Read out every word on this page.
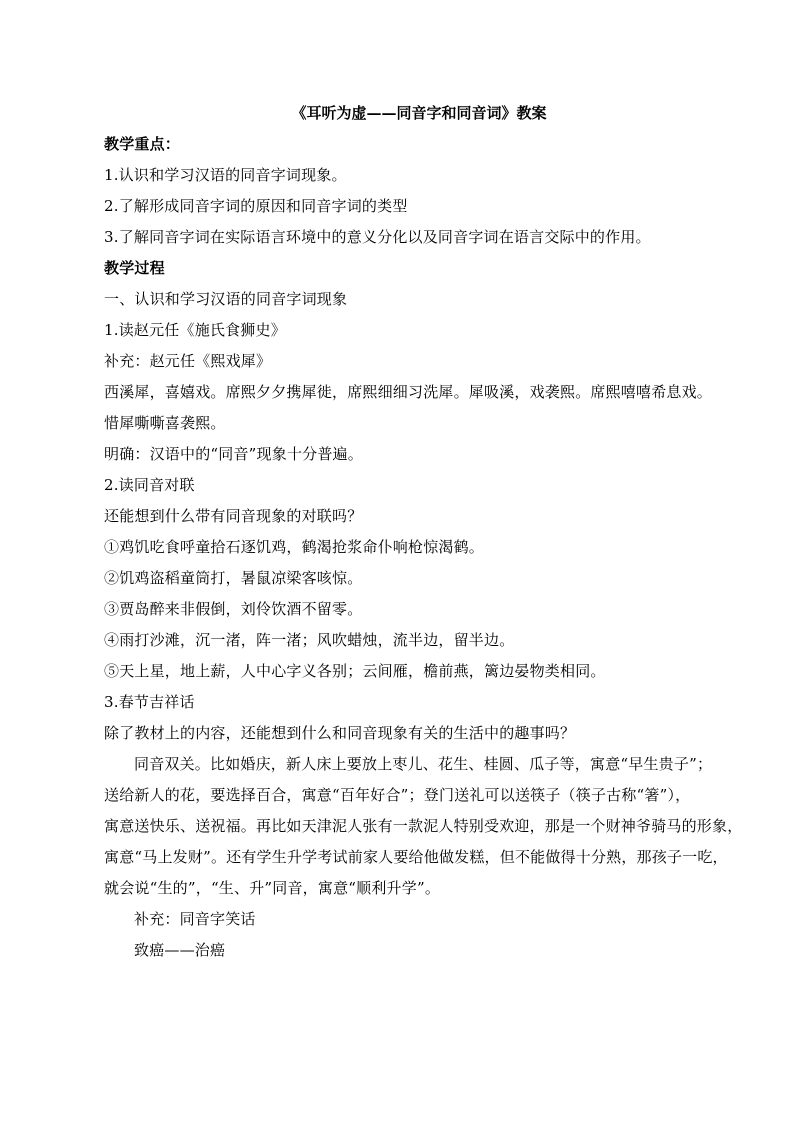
《耳听为虚——同音字和同音词》教案
教学重点：
1.认识和学习汉语的同音字词现象。
2.了解形成同音字词的原因和同音字词的类型
3.了解同音字词在实际语言环境中的意义分化以及同音字词在语言交际中的作用。
教学过程
一、认识和学习汉语的同音字词现象
1.读赵元任《施氏食狮史》
补充：赵元任《熙戏犀》
西溪犀，喜嬉戏。席熙夕夕携犀徙，席熙细细习洗犀。犀吸溪，戏袭熙。席熙嘻嘻希息戏。
惜犀嘶嘶喜袭熙。
明确：汉语中的“同音”现象十分普遍。
2.读同音对联
还能想到什么带有同音现象的对联吗？
①鸡饥吃食呼童拾石逐饥鸡，鹤渴抢浆命仆响枪惊渴鹤。
②饥鸡盗稻童筒打，暑鼠凉梁客咳惊。
③贾岛醉来非假倒，刘伶饮酒不留零。
④雨打沙滩，沉一渚，阵一渚；风吹蜡烛，流半边，留半边。
⑤天上星，地上薪，人中心字义各别；云间雁，檐前燕，篱边晏物类相同。
3.春节吉祥话
除了教材上的内容，还能想到什么和同音现象有关的生活中的趣事吗？
同音双关。比如婚庆，新人床上要放上枣儿、花生、桂圆、瓜子等，寓意“早生贵子”；
送给新人的花，要选择百合，寓意“百年好合”；登门送礼可以送筷子（筷子古称“箸”），
寓意送快乐、送祝福。再比如天津泥人张有一款泥人特别受欢迎，那是一个财神爷骑马的形象，
寓意“马上发财”。还有学生升学考试前家人要给他做发糕，但不能做得十分熟，那孩子一吃，
就会说“生的”，“生、升”同音，寓意“顺利升学”。
补充：同音字笑话
致癌——治癌
